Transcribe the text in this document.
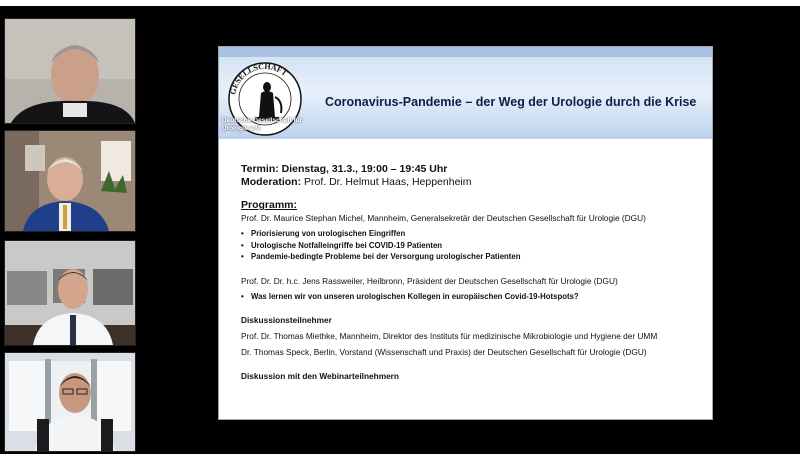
GESELLSCHAFT
Deutsche Gesellschaft für Urologie e.V.
Coronavirus-Pandemie – der Weg der Urologie durch die Krise
Termin: Dienstag, 31.3., 19:00 – 19:45 Uhr
Moderation: Prof. Dr. Helmut Haas, Heppenheim
Programm:
Prof. Dr. Maurice Stephan Michel, Mannheim, Generalsekretär der Deutschen Gesellschaft für Urologie (DGU)
• Priorisierung von urologischen Eingriffen
• Urologische Notfalleingriffe bei COVID-19 Patienten
• Pandemie-bedingte Probleme bei der Versorgung urologischer Patienten
Prof. Dr. Dr. h.c. Jens Rassweiler, Heilbronn, Präsident der Deutschen Gesellschaft für Urologie (DGU)
• Was lernen wir von unseren urologischen Kollegen in europäischen Covid-19-Hotspots?
Diskussionsteilnehmer
Prof. Dr. Thomas Miethke, Mannheim, Direktor des Instituts für medizinische Mikrobiologie und Hygiene der UMM
Dr. Thomas Speck, Berlin, Vorstand (Wissenschaft und Praxis) der Deutschen Gesellschaft für Urologie (DGU)
Diskussion mit den Webinarteilnehmern
